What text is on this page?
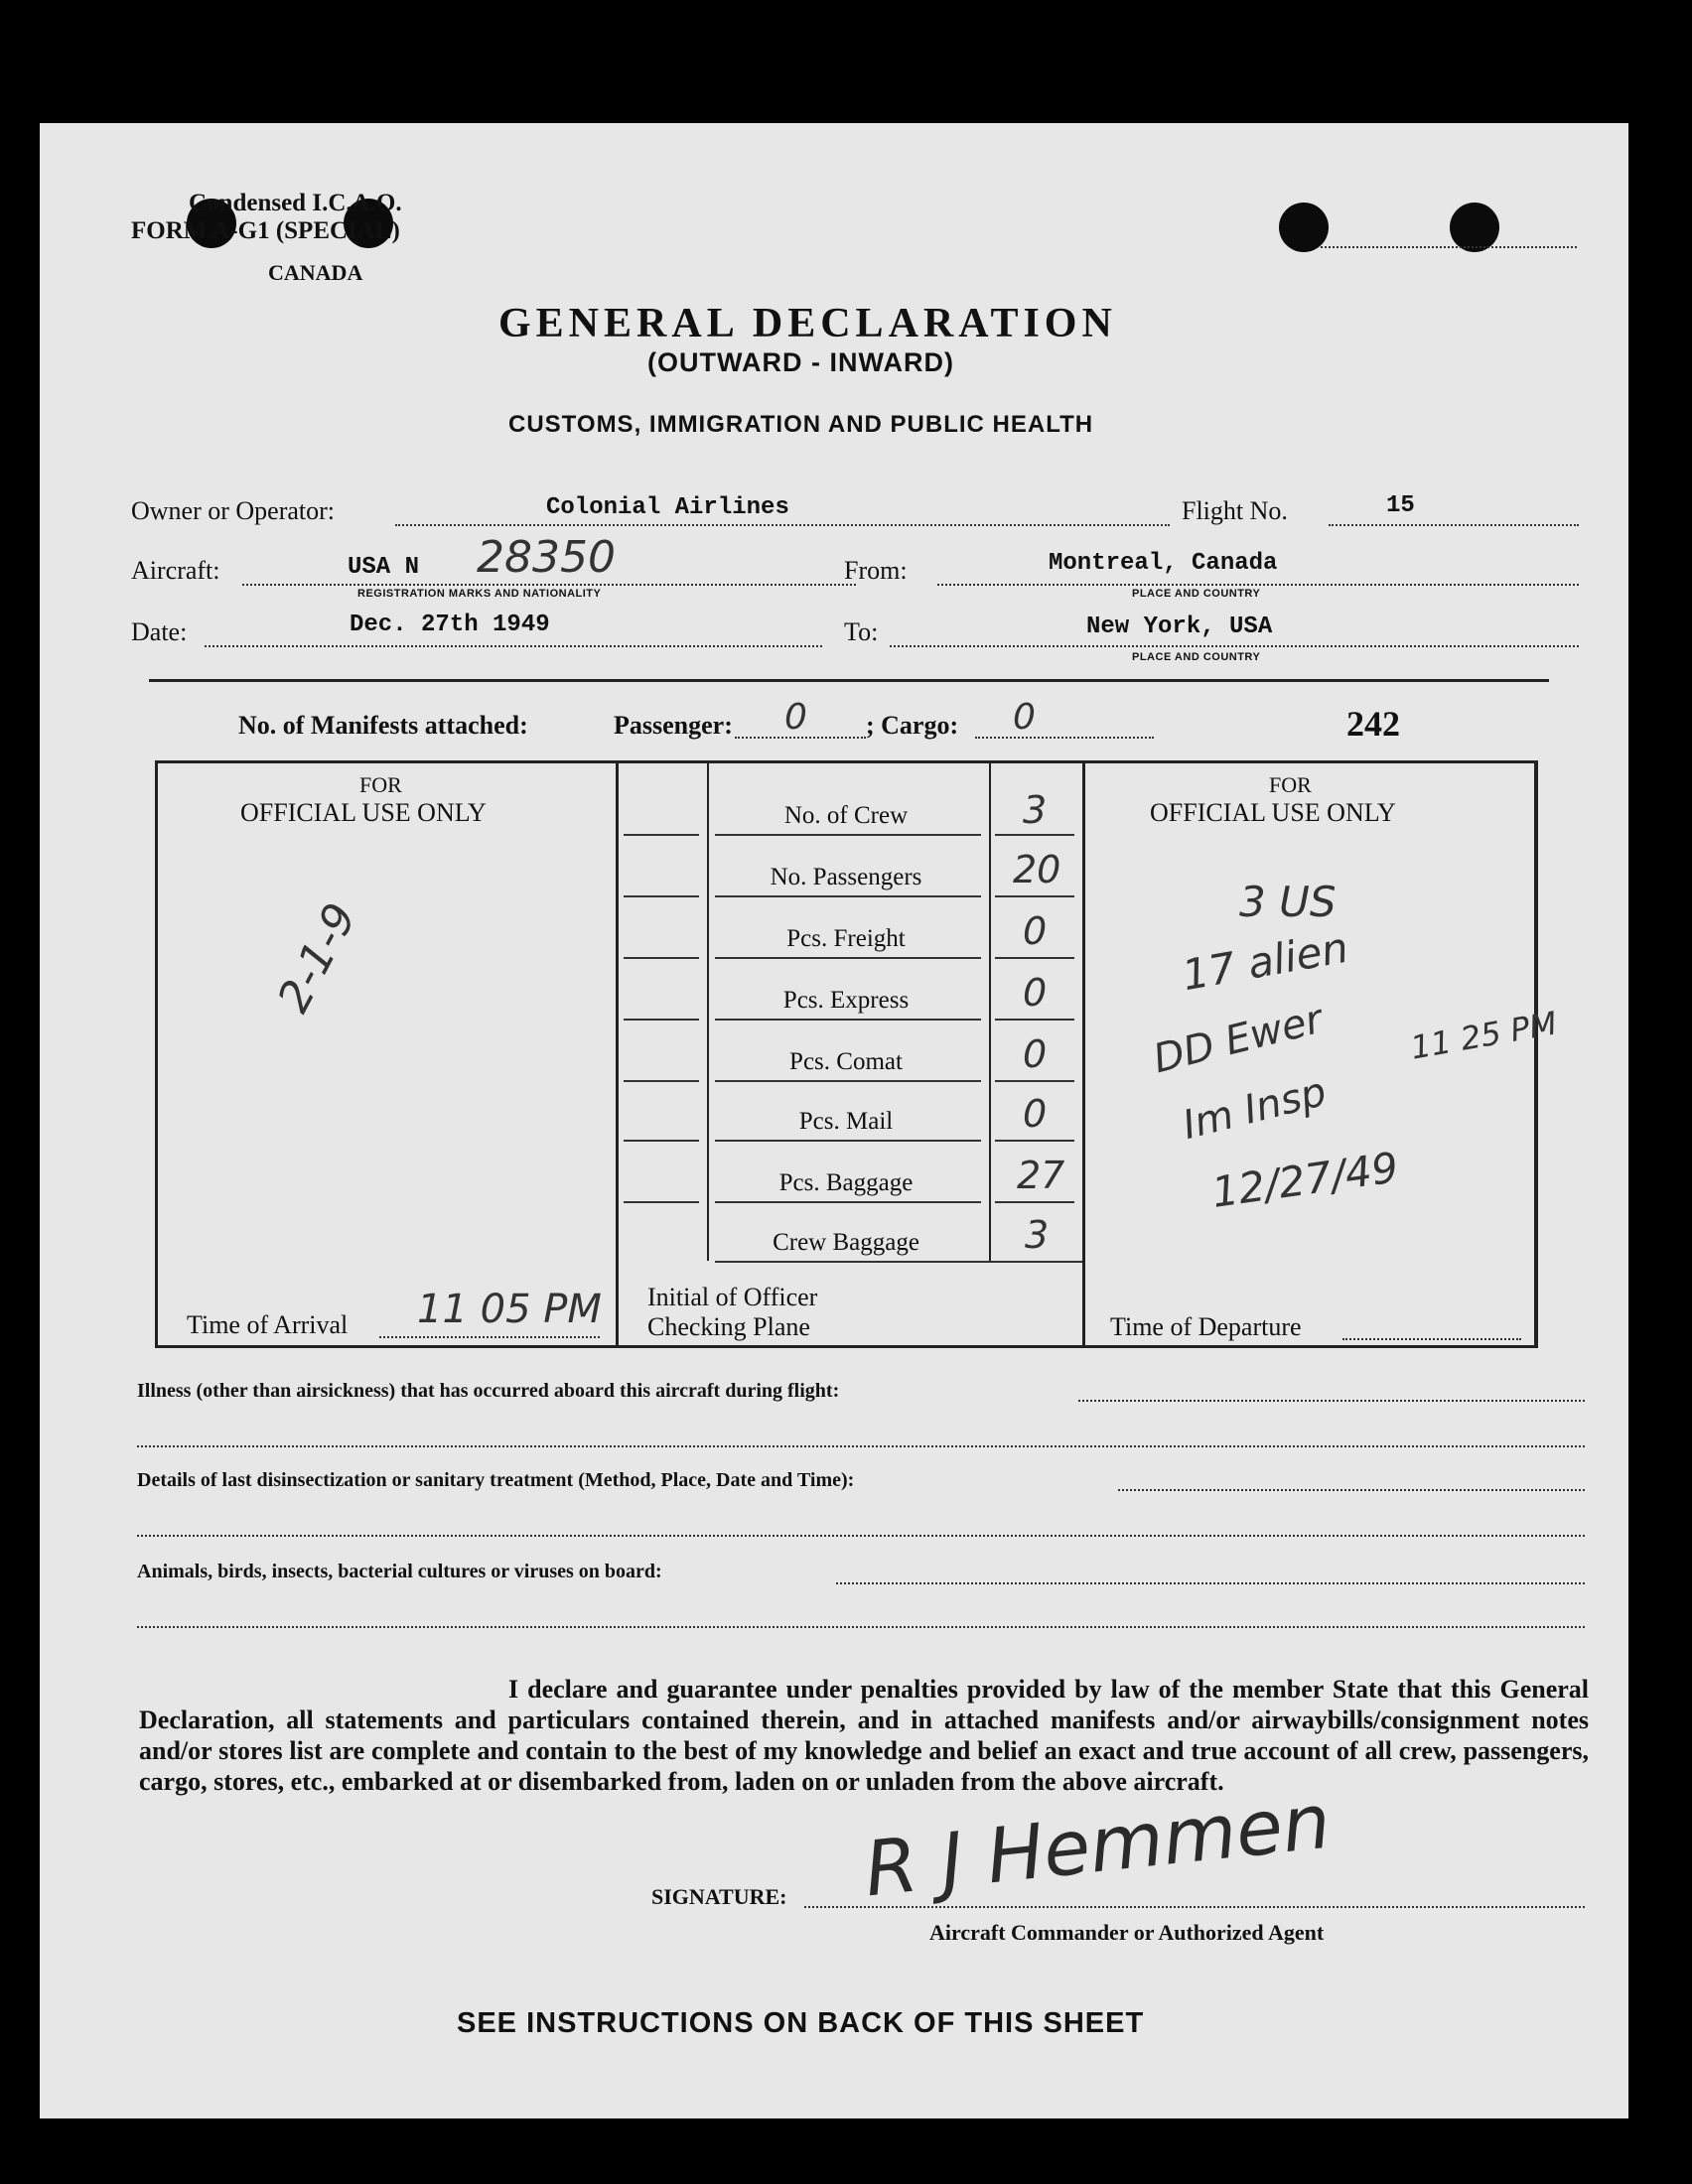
Condensed I.C.A.O.
FORM A-G1 (SPECIAL)
CANADA
GENERAL DECLARATION
(OUTWARD - INWARD)
CUSTOMS, IMMIGRATION AND PUBLIC HEALTH
Owner or Operator:	Colonial Airlines	Flight No.	15
Aircraft:	USA N 28350
REGISTRATION MARKS AND NATIONALITY
From:	Montreal, Canada
PLACE AND COUNTRY
Date:	Dec. 27th 1949	To:	New York, USA
PLACE AND COUNTRY
No. of Manifests attached:	Passenger: 0 ; Cargo: 0	242
FOR
OFFICIAL USE ONLY
FOR
OFFICIAL USE ONLY
No. of Crew	3
No. Passengers	20
Pcs. Freight	0
Pcs. Express	0
Pcs. Comat	0
Pcs. Mail	0
Pcs. Baggage	27
Crew Baggage	3
Time of Arrival 11 05 PM Initial of Officer
Checking Plane	Time of Departure
2-1-9	3 US
17 alien
DD Ewer
Im Insp
12/27/49
11 25 PM
Illness (other than airsickness) that has occurred aboard this aircraft during flight:
Details of last disinsectization or sanitary treatment (Method, Place, Date and Time):
Animals, birds, insects, bacterial cultures or viruses on board:
I declare and guarantee under penalties provided by law of the member State that this General Declaration, all statements and particulars contained therein, and in attached manifests and/or airwaybills/consignment notes and/or stores list are complete and contain to the best of my knowledge and belief an exact and true account of all crew, passengers, cargo, stores, etc., embarked at or disembarked from, laden on or unladen from the above aircraft.
SIGNATURE: R J Hemmen
Aircraft Commander or Authorized Agent
SEE INSTRUCTIONS ON BACK OF THIS SHEET
